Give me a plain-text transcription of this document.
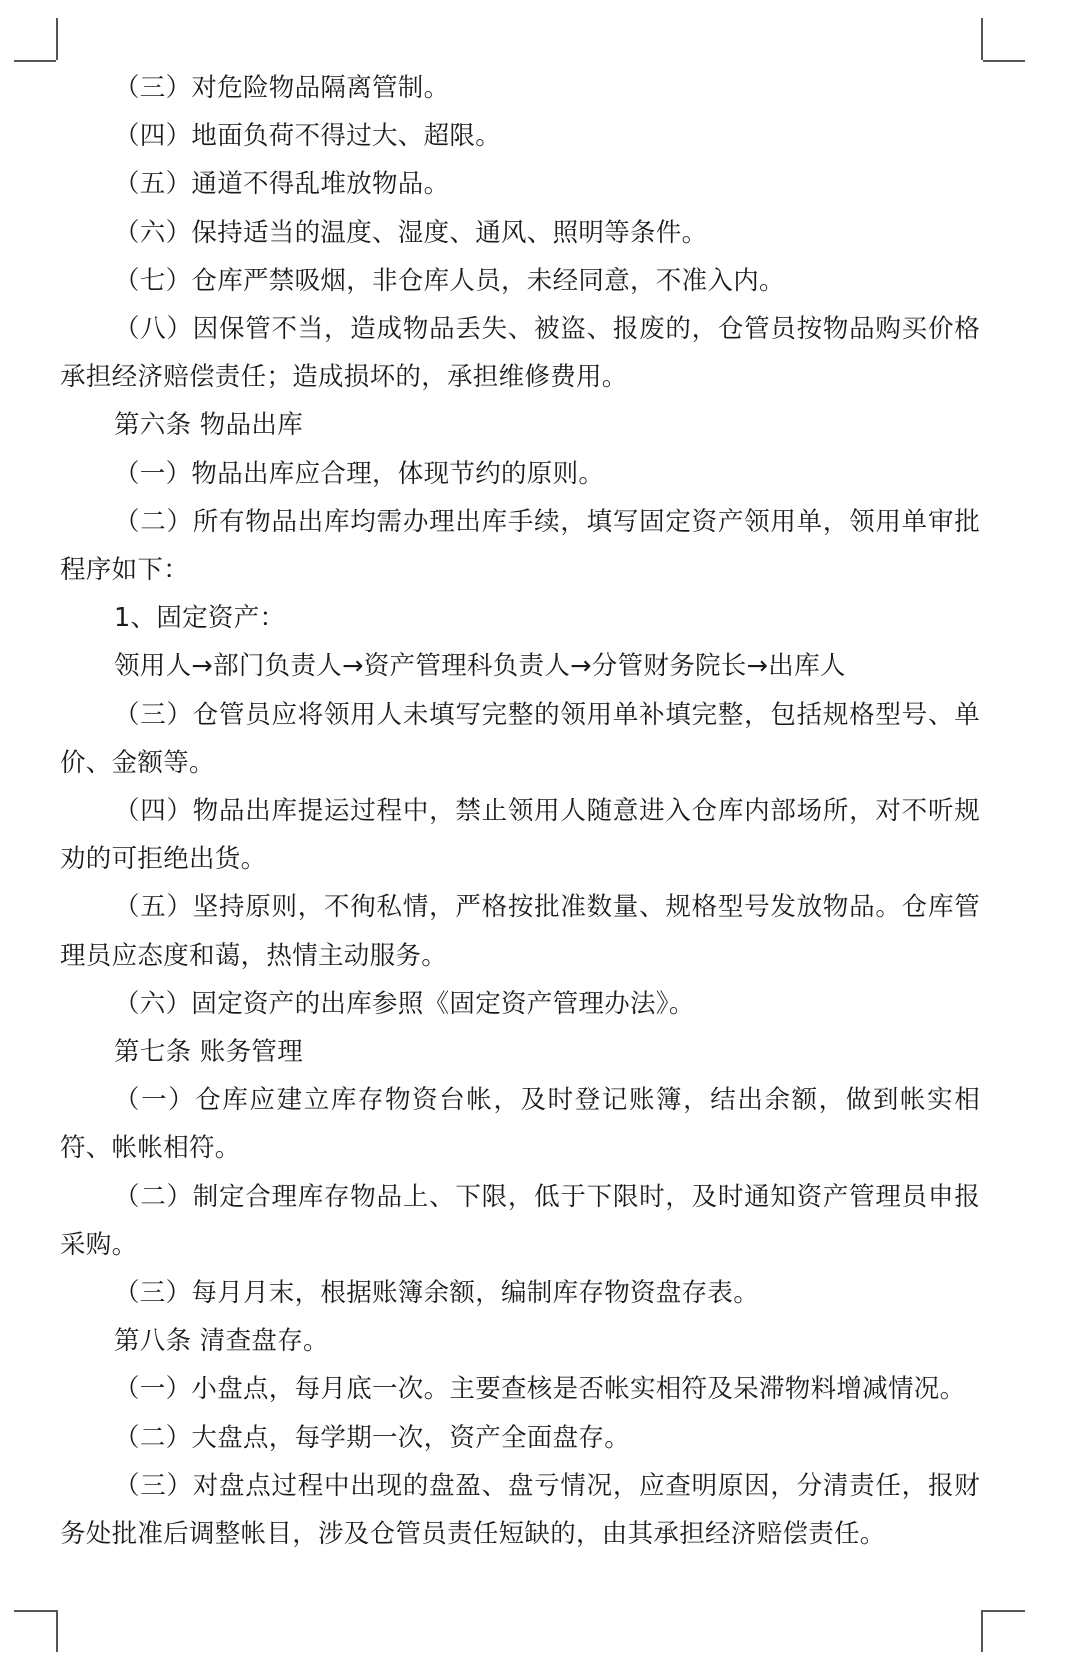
（三）对危险物品隔离管制。

（四）地面负荷不得过大、超限。

（五）通道不得乱堆放物品。

（六）保持适当的温度、湿度、通风、照明等条件。

（七）仓库严禁吸烟，非仓库人员，未经同意，不准入内。

（八）因保管不当，造成物品丢失、被盗、报废的，仓管员按物品购买价格承担经济赔偿责任；造成损坏的，承担维修费用。

第六条 物品出库

（一）物品出库应合理，体现节约的原则。

（二）所有物品出库均需办理出库手续，填写固定资产领用单，领用单审批程序如下：

1、固定资产：

领用人→部门负责人→资产管理科负责人→分管财务院长→出库人

（三）仓管员应将领用人未填写完整的领用单补填完整，包括规格型号、单价、金额等。

（四）物品出库提运过程中，禁止领用人随意进入仓库内部场所，对不听规劝的可拒绝出货。

（五）坚持原则，不徇私情，严格按批准数量、规格型号发放物品。仓库管理员应态度和蔼，热情主动服务。

（六）固定资产的出库参照《固定资产管理办法》。

第七条 账务管理

（一）仓库应建立库存物资台帐，及时登记账簿，结出余额，做到帐实相符、帐帐相符。

（二）制定合理库存物品上、下限，低于下限时，及时通知资产管理员申报采购。

（三）每月月末，根据账簿余额，编制库存物资盘存表。

第八条 清查盘存。

（一）小盘点，每月底一次。主要查核是否帐实相符及呆滞物料增减情况。

（二）大盘点，每学期一次，资产全面盘存。

（三）对盘点过程中出现的盘盈、盘亏情况，应查明原因，分清责任，报财务处批准后调整帐目，涉及仓管员责任短缺的，由其承担经济赔偿责任。
